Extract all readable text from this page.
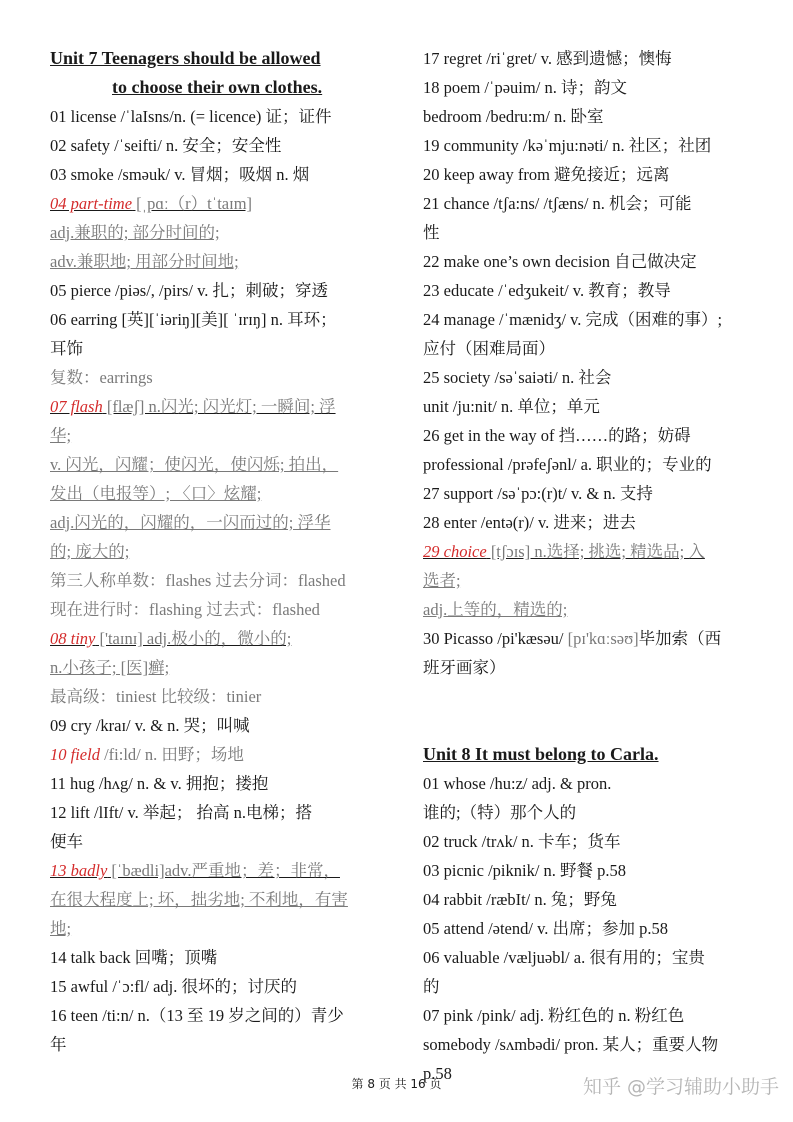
Unit 7 Teenagers should be allowed
to choose their own clothes.
01 license /ˈlaIsns/n. (= licence) 证；证件
02 safety /ˈseifti/ n. 安全；安全性
03 smoke /sməuk/ v. 冒烟；吸烟 n. 烟
04 part-time [ˌpɑː（r）tˈtaɪm]
adj.兼职的; 部分时间的;
adv.兼职地; 用部分时间地;
05 pierce /piəs/, /pirs/ v. 扎；刺破；穿透
06 earring [英][ˈiəriŋ][美][ ˈɪrɪŋ] n. 耳环；
耳饰
复数：earrings
07 flash [flæʃ] n.闪光; 闪光灯; 一瞬间; 浮
华;
v. 闪光，闪耀；使闪光，使闪烁; 拍出，
发出（电报等）; 〈口〉炫耀;
adj.闪光的，闪耀的，一闪而过的; 浮华
的; 庞大的;
第三人称单数：flashes 过去分词：flashed
现在进行时：flashing 过去式：flashed
08 tiny ['taɪnɪ] adj.极小的，微小的;
n.小孩子; [医]癣;
最高级：tiniest 比较级：tinier
09 cry /kraɪ/ v. & n. 哭；叫喊
10 field /fi:ld/ n. 田野；场地
11 hug /hʌg/ n. & v. 拥抱；搂抱
12 lift /lIft/ v. 举起； 抬高 n.电梯；搭
便车
13 badly [ˈbædli]adv.严重地；差；非常，
在很大程度上; 坏，拙劣地; 不利地，有害
地;
14 talk back 回嘴；顶嘴
15 awful /ˈɔ:fl/ adj. 很坏的；讨厌的
16 teen /ti:n/ n.（13 至 19 岁之间的）青少
年
17 regret /riˈgret/ v. 感到遗憾；懊悔
18 poem /ˈpəuim/ n. 诗；韵文
bedroom /bedru:m/ n. 卧室
19 community /kəˈmju:nəti/ n. 社区；社团
20 keep away from 避免接近；远离
21 chance /tʃa:ns/ /tʃæns/ n. 机会；可能
性
22 make one’s own decision 自己做决定
23 educate /ˈedʒukeit/ v. 教育；教导
24 manage /ˈmænidʒ/ v. 完成（困难的事）;
应付（困难局面）
25 society /səˈsaiəti/ n. 社会
unit /ju:nit/ n. 单位；单元
26 get in the way of 挡……的路；妨碍
professional /prəfeʃənl/ a. 职业的；专业的
27 support /səˈpɔ:(r)t/ v. & n. 支持
28 enter /entə(r)/ v. 进来；进去
29 choice [tʃɔɪs] n.选择; 挑选; 精选品; 入
选者;
adj.上等的，精选的;
30 Picasso /pi'kæsəu/ [pɪ'kɑːsəʊ]毕加索（西
班牙画家）
Unit 8 It must belong to Carla.
01 whose /hu:z/ adj. & pron.
谁的;（特）那个人的
02 truck /trʌk/ n. 卡车；货车
03 picnic /piknik/ n. 野餐 p.58
04 rabbit /ræbIt/ n. 兔；野兔
05 attend /ətend/ v. 出席；参加 p.58
06 valuable /væljuəbl/ a. 很有用的；宝贵
的
07 pink /pink/ adj. 粉红色的 n. 粉红色
somebody /sʌmbədi/ pron. 某人；重要人物
p.58
第 8 页 共 16 页	知乎 @学习辅助小助手
